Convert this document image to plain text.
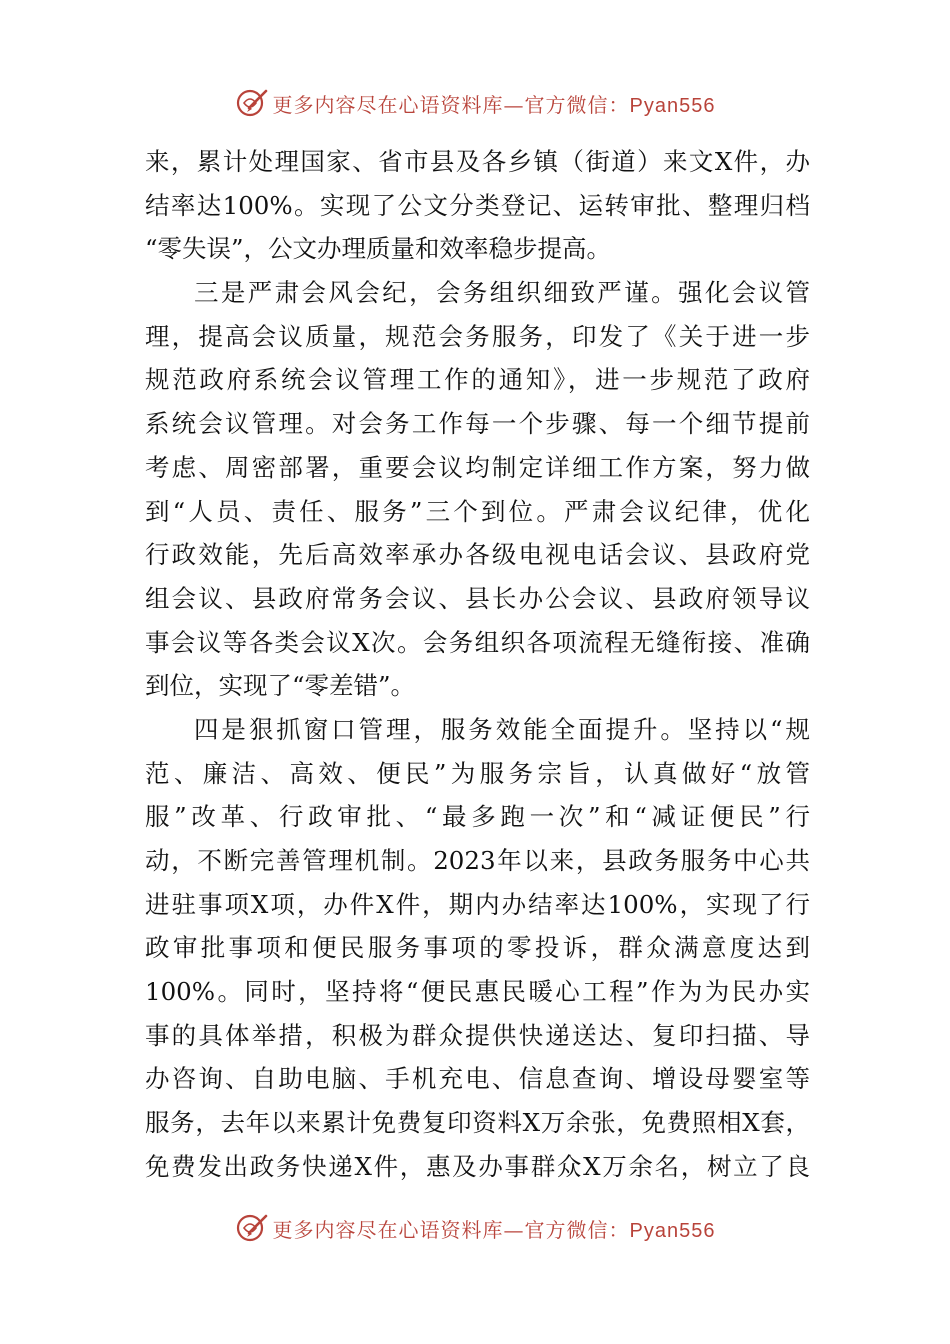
更多内容尽在心语资料库—官方微信：Pyan556
来，累计处理国家、省市县及各乡镇（街道）来文X件，办
结率达100%。实现了公文分类登记、运转审批、整理归档
“零失误”，公文办理质量和效率稳步提高。
三是严肃会风会纪，会务组织细致严谨。强化会议管
理，提高会议质量，规范会务服务，印发了《关于进一步
规范政府系统会议管理工作的通知》，进一步规范了政府
系统会议管理。对会务工作每一个步骤、每一个细节提前
考虑、周密部署，重要会议均制定详细工作方案，努力做
到“人员、责任、服务”三个到位。严肃会议纪律，优化
行政效能，先后高效率承办各级电视电话会议、县政府党
组会议、县政府常务会议、县长办公会议、县政府领导议
事会议等各类会议X次。会务组织各项流程无缝衔接、准确
到位，实现了“零差错”。
四是狠抓窗口管理，服务效能全面提升。坚持以“规
范、廉洁、高效、便民”为服务宗旨，认真做好“放管
服”改革、行政审批、“最多跑一次”和“减证便民”行
动，不断完善管理机制。2023年以来，县政务服务中心共
进驻事项X项，办件X件，期内办结率达100%，实现了行
政审批事项和便民服务事项的零投诉，群众满意度达到
100%。同时，坚持将“便民惠民暖心工程”作为为民办实
事的具体举措，积极为群众提供快递送达、复印扫描、导
办咨询、自助电脑、手机充电、信息查询、增设母婴室等
服务，去年以来累计免费复印资料X万余张，免费照相X套，
免费发出政务快递X件，惠及办事群众X万余名，树立了良
更多内容尽在心语资料库—官方微信：Pyan556
